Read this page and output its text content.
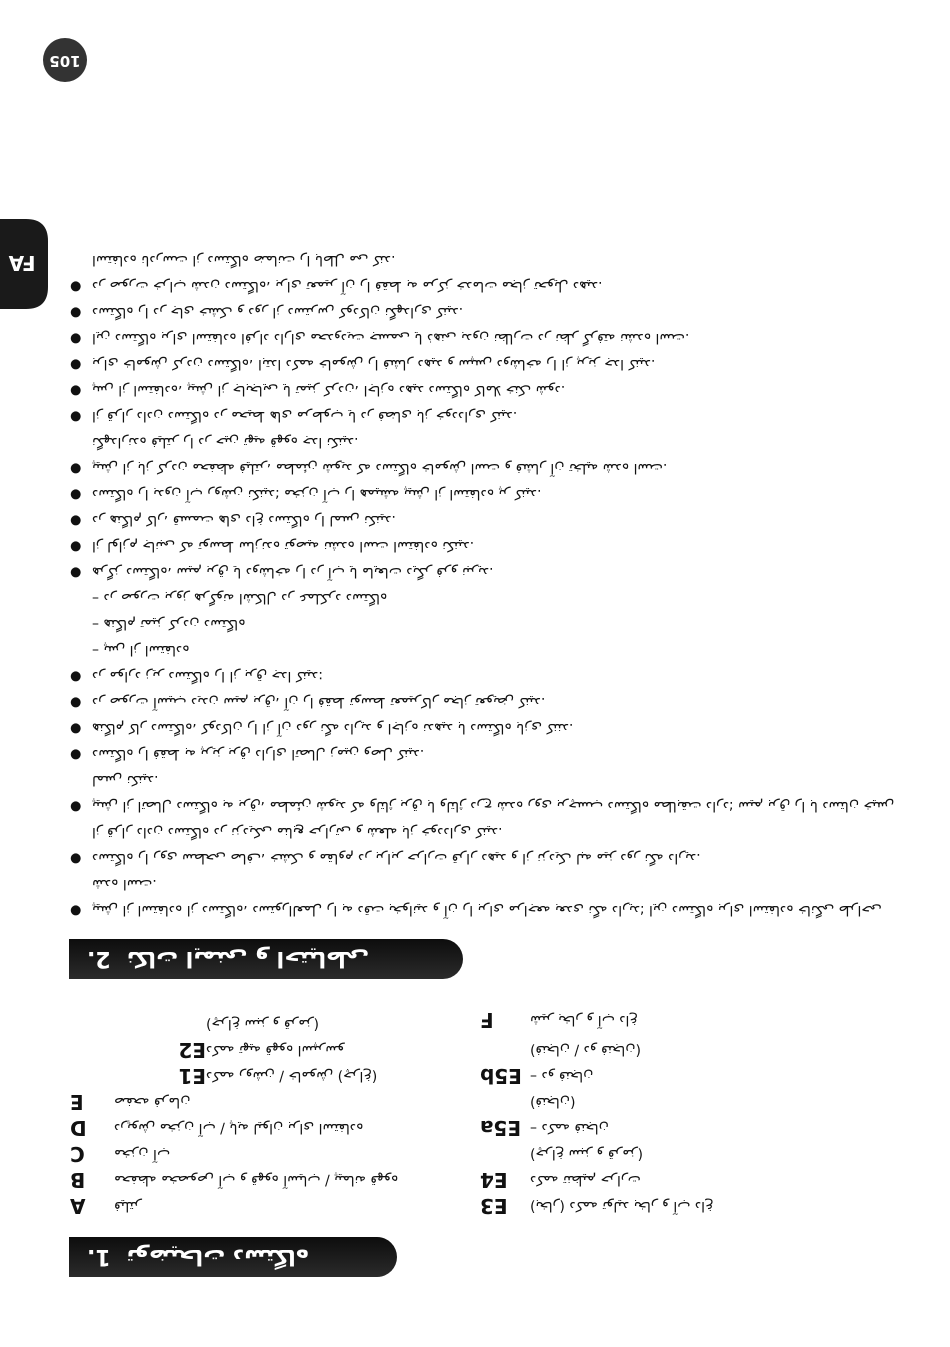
105
FA
توضیحات دستگاه
1.
A	فیلتر
B	محفظه مخصوص آب و قهوه آسیاب / پیمانه قهوه
C	مخزن آب
D	درپوش مخزن آب / پایه لیوان برای استفاده
E	صفحه فرمان
E1 دکمه روشن / خاموش (چراغ)
E2 دکمه تهیه قهوه اسپرسو
(چراغ سبز و قرمز)
E3	(بخار) دکمه تولید بخار و آب داغ
E4	دکمه تنظیم حرارت
(چراغ سبز و قرمز)
E5a – دکمه فنجان
(فنجان)
E5b – دو فنجان
(فنجان / دو فنجان)
F	شیر بخار و آب داغ
نکات ایمنی و احتیاطی
2.
● پیش از استفاده از دستگاه، دستورالعمل را به دقت بخوانید و آن را برای مراجعه بعدی نگه دارید؛ این دستگاه برای استفاده خانگی طراحی شده است.
● دستگاه را روی سطحی صاف، خشک و مقاوم در برابر حرارت قرار دهید و از نزدیک لبه میز دور نگه دارید.
از قرار دادن دستگاه در نزدیکی منابع حرارتی و شعله باز خودداری کنید.
● پیش از اتصال دستگاه به برق، مطمئن شوید که ولتاژ برق با ولتاژ درج شده روی برچسب دستگاه مطابقت دارد؛ سیم برق را با دستان خیس لمس نکنید.
● دستگاه را فقط به پریز برق دارای اتصال زمین وصل کنید.
● هنگام کار دستگاه، کودکان را از آن دور نگه دارید و اجازه ندهید با دستگاه بازی کنند.
● در صورت آسیب دیدن سیم برق، آن را فقط توسط تعمیرکار مجاز تعویض کنید.
● در موارد زیر دستگاه را از برق جدا کنید:
– پس از استفاده
– هنگام تمیز کردن دستگاه
– در صورت بروز هرگونه اشکال در عملکرد دستگاه
● هرگز دستگاه، سیم برق یا دوشاخه را در آب یا مایعات دیگر فرو نبرید.
● از لوازم جانبی که توسط سازنده توصیه نشده است استفاده نکنید.
● در هنگام کار، قسمت های داغ دستگاه را لمس نکنید.
● دستگاه را بدون آب روشن نکنید؛ مخزن آب را همیشه پیش از استفاده پر کنید.
● پیش از باز کردن محفظه فیلتر، مطمئن شوید که دستگاه خاموش است و فشار آن تخلیه شده است.
نگهدارنده فیلتر را در حین تهیه قهوه جدا نکنید.
● از قرار دادن دستگاه در محیط های مرطوب یا در فضای باز خودداری کنید.
● پس از استفاده، پیش از جابجایی یا تمیز کردن، اجازه دهید دستگاه کاملا خنک شود.
● برای خاموش کردن دستگاه، ابتدا دکمه خاموش را فشار دهید و سپس دوشاخه را از پریز جدا کنید.
● این دستگاه برای استفاده افراد دارای محدودیت جسمی یا ذهنی بدون نظارت در نظر گرفته نشده است.
● دستگاه را در جای خشک و دور از دسترس کودکان نگهداری کنید.
● در صورت خراب شدن دستگاه، برای تعمیر آن را فقط به مرکز خدمات مجاز تحویل دهید.
استفاده نادرست از دستگاه ضمانت را باطل می کند.
